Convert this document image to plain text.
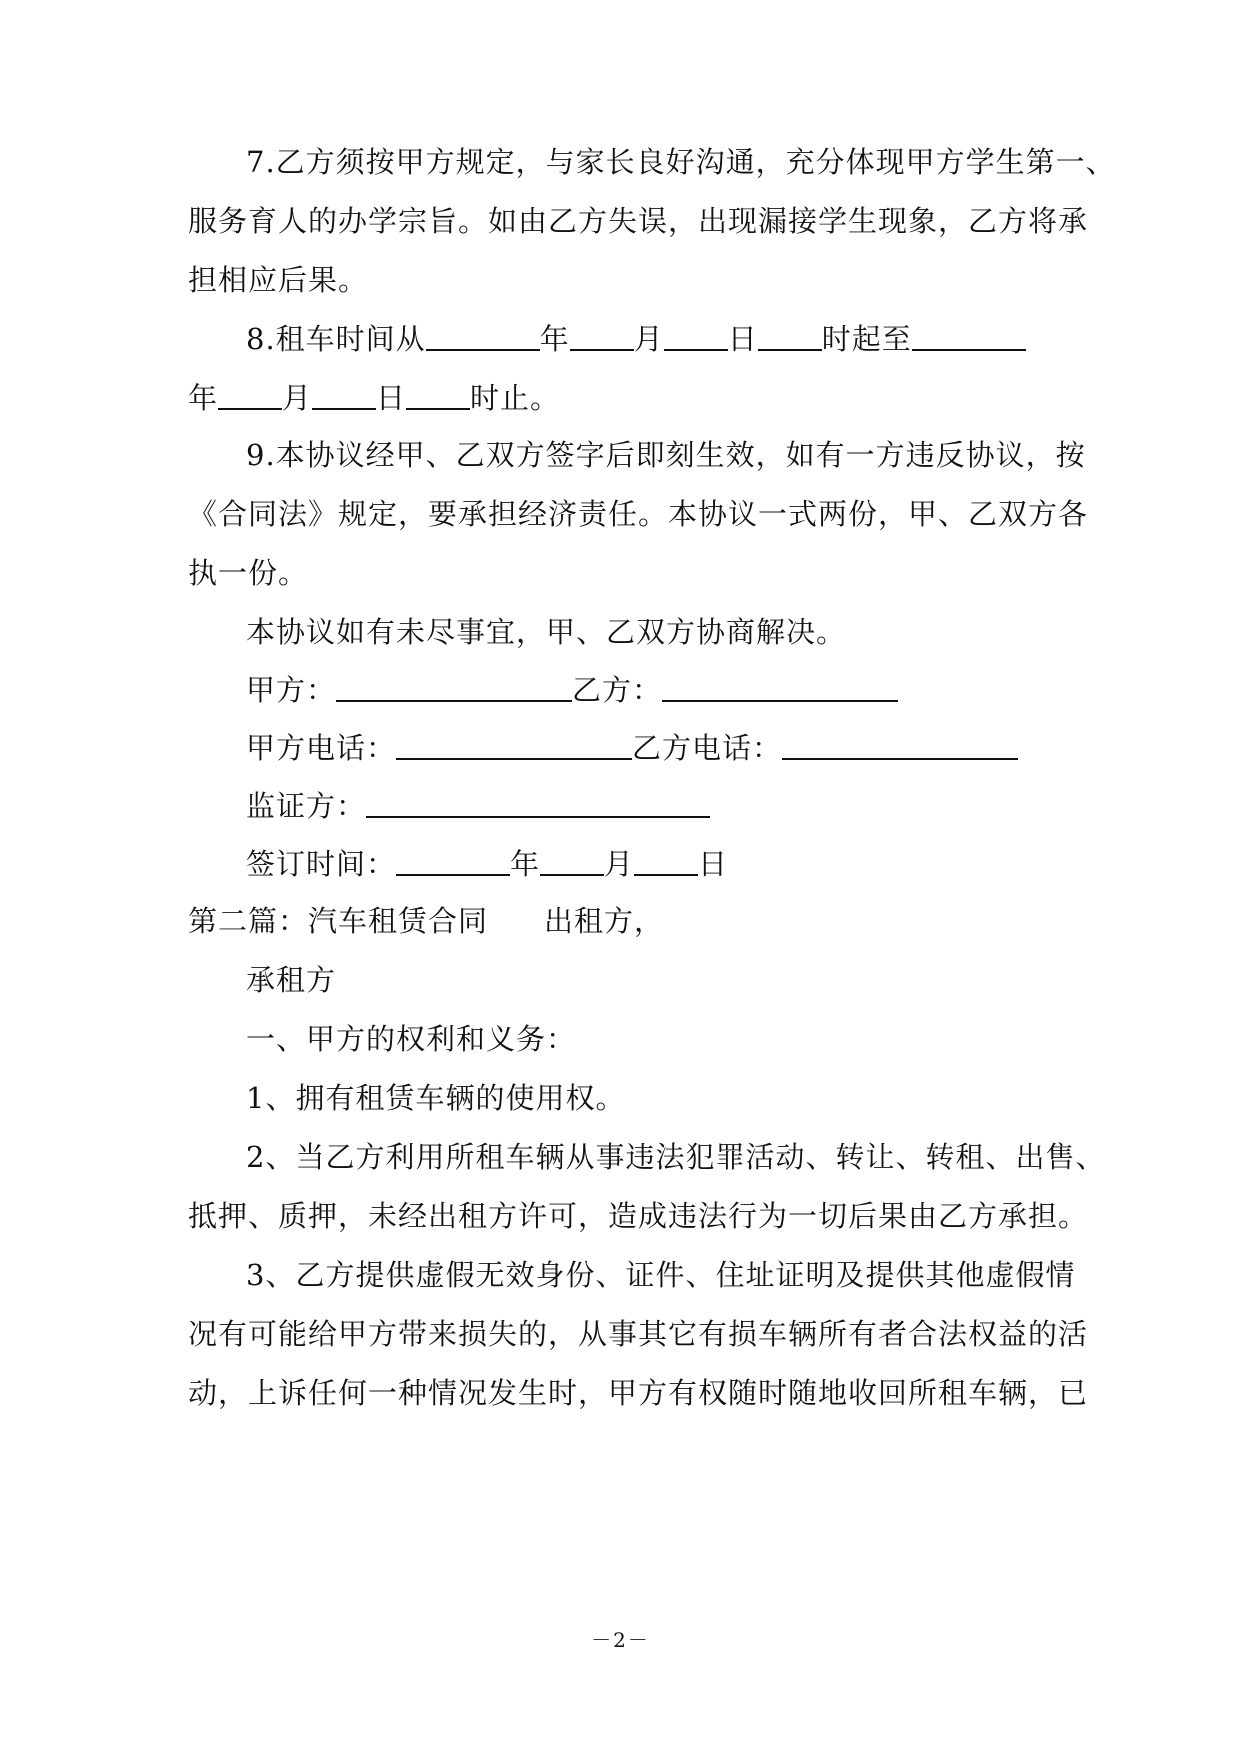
7.乙方须按甲方规定，与家长良好沟通，充分体现甲方学生第一、
服务育人的办学宗旨。如由乙方失误，出现漏接学生现象，乙方将承
担相应后果。
8.租车时间从	年 月 日 时起至
年 月 日 时止。
9.本协议经甲、乙双方签字后即刻生效，如有一方违反协议，按
《合同法》规定，要承担经济责任。本协议一式两份，甲、乙双方各
执一份。
本协议如有未尽事宜，甲、乙双方协商解决。
甲方：	乙方：
甲方电话：	乙方电话：
监证方：
签订时间：	年 月 日
第二篇：汽车租赁合同 出租方，
承租方
一、甲方的权利和义务：
1、拥有租赁车辆的使用权。
2、当乙方利用所租车辆从事违法犯罪活动、转让、转租、出售、
抵押、质押，未经出租方许可，造成违法行为一切后果由乙方承担。
3、乙方提供虚假无效身份、证件、住址证明及提供其他虚假情
况有可能给甲方带来损失的，从事其它有损车辆所有者合法权益的活
动，上诉任何一种情况发生时，甲方有权随时随地收回所租车辆，已
－2－
